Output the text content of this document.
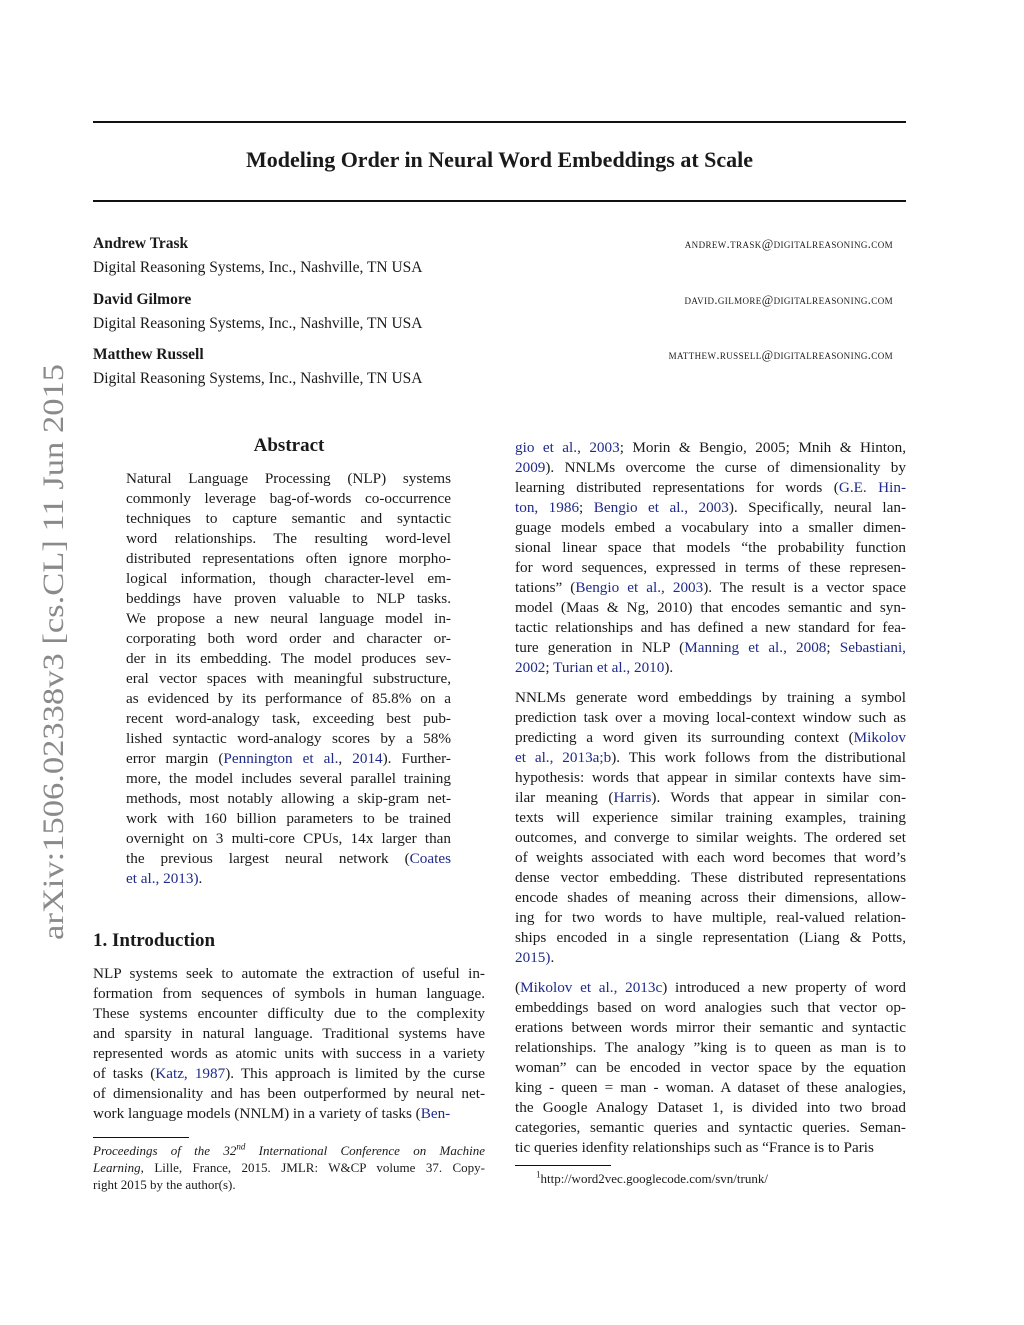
Modeling Order in Neural Word Embeddings at Scale
Andrew Trask	andrew.trask@digitalreasoning.com
Digital Reasoning Systems, Inc., Nashville, TN USA
David Gilmore	david.gilmore@digitalreasoning.com
Digital Reasoning Systems, Inc., Nashville, TN USA
Matthew Russell	matthew.russell@digitalreasoning.com
Digital Reasoning Systems, Inc., Nashville, TN USA
arXiv:1506.02338v3 [cs.CL] 11 Jun 2015	Abstract
Natural Language Processing (NLP) systems
commonly leverage bag-of-words co-occurrence
techniques to capture semantic and syntactic
word relationships. The resulting word-level
distributed representations often ignore morpho-
logical information, though character-level em-
beddings have proven valuable to NLP tasks.
We propose a new neural language model in-
corporating both word order and character or-
der in its embedding. The model produces sev-
eral vector spaces with meaningful substructure,
as evidenced by its performance of 85.8% on a
recent word-analogy task, exceeding best pub-
lished syntactic word-analogy scores by a 58%
error margin (Pennington et al., 2014). Further-
more, the model includes several parallel training
methods, most notably allowing a skip-gram net-
work with 160 billion parameters to be trained
overnight on 3 multi-core CPUs, 14x larger than
the previous largest neural network (Coates
et al., 2013).
1. Introduction
NLP systems seek to automate the extraction of useful in-
formation from sequences of symbols in human language.
These systems encounter difficulty due to the complexity
and sparsity in natural language. Traditional systems have
represented words as atomic units with success in a variety
of tasks (Katz, 1987). This approach is limited by the curse
of dimensionality and has been outperformed by neural net-
work language models (NNLM) in a variety of tasks (Ben-
Proceedings of the 32nd International Conference on Machine
Learning, Lille, France, 2015. JMLR: W&CP volume 37. Copy-
right 2015 by the author(s).
gio et al., 2003; Morin & Bengio, 2005; Mnih & Hinton,
2009). NNLMs overcome the curse of dimensionality by
learning distributed representations for words (G.E. Hin-
ton, 1986; Bengio et al., 2003). Specifically, neural lan-
guage models embed a vocabulary into a smaller dimen-
sional linear space that models “the probability function
for word sequences, expressed in terms of these represen-
tations” (Bengio et al., 2003). The result is a vector space
model (Maas & Ng, 2010) that encodes semantic and syn-
tactic relationships and has defined a new standard for fea-
ture generation in NLP (Manning et al., 2008; Sebastiani,
2002; Turian et al., 2010).
NNLMs generate word embeddings by training a symbol
prediction task over a moving local-context window such as
predicting a word given its surrounding context (Mikolov
et al., 2013a;b). This work follows from the distributional
hypothesis: words that appear in similar contexts have sim-
ilar meaning (Harris). Words that appear in similar con-
texts will experience similar training examples, training
outcomes, and converge to similar weights. The ordered set
of weights associated with each word becomes that word’s
dense vector embedding. These distributed representations
encode shades of meaning across their dimensions, allow-
ing for two words to have multiple, real-valued relation-
ships encoded in a single representation (Liang & Potts,
2015).
(Mikolov et al., 2013c) introduced a new property of word
embeddings based on word analogies such that vector op-
erations between words mirror their semantic and syntactic
relationships. The analogy ”king is to queen as man is to
woman” can be encoded in vector space by the equation
king - queen = man - woman. A dataset of these analogies,
the Google Analogy Dataset 1, is divided into two broad
categories, semantic queries and syntactic queries. Seman-
tic queries idenfity relationships such as “France is to Paris
$^1$http://word2vec.googlecode.com/svn/trunk/
